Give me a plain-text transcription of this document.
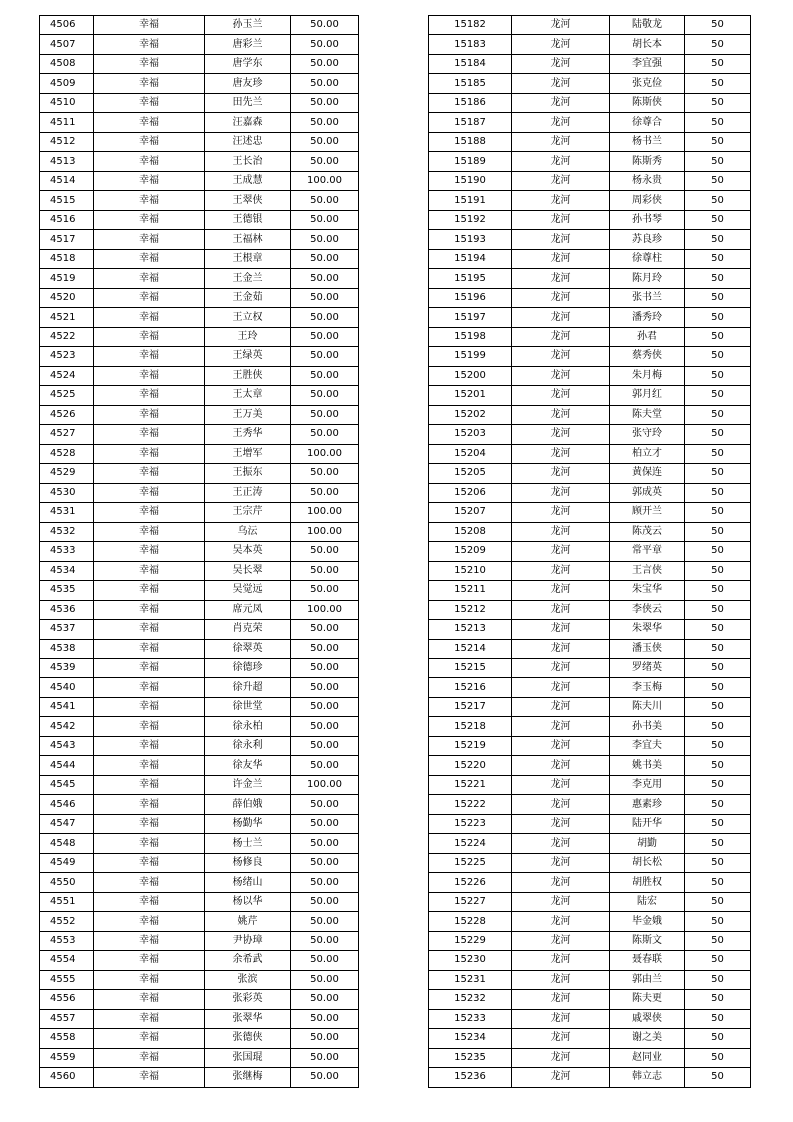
4506	幸福	孙玉兰	50.00
4507	幸福	唐彩兰	50.00
4508	幸福	唐学东	50.00
4509	幸福	唐友珍	50.00
4510	幸福	田先兰	50.00
4511	幸福	汪嘉森	50.00
4512	幸福	汪述忠	50.00
4513	幸福	王长治	50.00
4514	幸福	王成慧	100.00
4515	幸福	王翠侠	50.00
4516	幸福	王德银	50.00
4517	幸福	王福林	50.00
4518	幸福	王根章	50.00
4519	幸福	王金兰	50.00
4520	幸福	王金茹	50.00
4521	幸福	王立权	50.00
4522	幸福	王玲	50.00
4523	幸福	王绿英	50.00
4524	幸福	王胜侠	50.00
4525	幸福	王太章	50.00
4526	幸福	王万美	50.00
4527	幸福	王秀华	50.00
4528	幸福	王增军	100.00
4529	幸福	王振东	50.00
4530	幸福	王正涛	50.00
4531	幸福	王宗芹	100.00
4532	幸福	乌沄	100.00
4533	幸福	吴本英	50.00
4534	幸福	吴长翠	50.00
4535	幸福	吴觉远	50.00
4536	幸福	席元凤	100.00
4537	幸福	肖克荣	50.00
4538	幸福	徐翠英	50.00
4539	幸福	徐德珍	50.00
4540	幸福	徐升超	50.00
4541	幸福	徐世堂	50.00
4542	幸福	徐永柏	50.00
4543	幸福	徐永利	50.00
4544	幸福	徐友华	50.00
4545	幸福	许金兰	100.00
4546	幸福	薛伯娥	50.00
4547	幸福	杨勤华	50.00
4548	幸福	杨士兰	50.00
4549	幸福	杨修良	50.00
4550	幸福	杨绪山	50.00
4551	幸福	杨以华	50.00
4552	幸福	姚芹	50.00
4553	幸福	尹协璋	50.00
4554	幸福	余希武	50.00
4555	幸福	张滨	50.00
4556	幸福	张彩英	50.00
4557	幸福	张翠华	50.00
4558	幸福	张德侠	50.00
4559	幸福	张国琨	50.00
4560	幸福	张继梅	50.00
15182	龙河	陆敬龙	50
15183	龙河	胡长本	50
15184	龙河	李宜强	50
15185	龙河	张克俭	50
15186	龙河	陈斯侠	50
15187	龙河	徐尊合	50
15188	龙河	杨书兰	50
15189	龙河	陈斯秀	50
15190	龙河	杨永贵	50
15191	龙河	周彩侠	50
15192	龙河	孙书琴	50
15193	龙河	苏良珍	50
15194	龙河	徐尊柱	50
15195	龙河	陈月玲	50
15196	龙河	张书兰	50
15197	龙河	潘秀玲	50
15198	龙河	孙君	50
15199	龙河	蔡秀侠	50
15200	龙河	朱月梅	50
15201	龙河	郭月红	50
15202	龙河	陈夫堂	50
15203	龙河	张守玲	50
15204	龙河	柏立才	50
15205	龙河	黄保连	50
15206	龙河	郭成英	50
15207	龙河	顾开兰	50
15208	龙河	陈茂云	50
15209	龙河	常平章	50
15210	龙河	王言侠	50
15211	龙河	朱宝华	50
15212	龙河	李侠云	50
15213	龙河	朱翠华	50
15214	龙河	潘玉侠	50
15215	龙河	罗绪英	50
15216	龙河	李玉梅	50
15217	龙河	陈夫川	50
15218	龙河	孙书美	50
15219	龙河	李宜夫	50
15220	龙河	姚书美	50
15221	龙河	李克用	50
15222	龙河	惠素珍	50
15223	龙河	陆开华	50
15224	龙河	胡勤	50
15225	龙河	胡长松	50
15226	龙河	胡胜权	50
15227	龙河	陆宏	50
15228	龙河	毕金娥	50
15229	龙河	陈斯文	50
15230	龙河	聂春联	50
15231	龙河	郭由兰	50
15232	龙河	陈夫更	50
15233	龙河	戚翠侠	50
15234	龙河	谢之美	50
15235	龙河	赵同业	50
15236	龙河	韩立志	50
